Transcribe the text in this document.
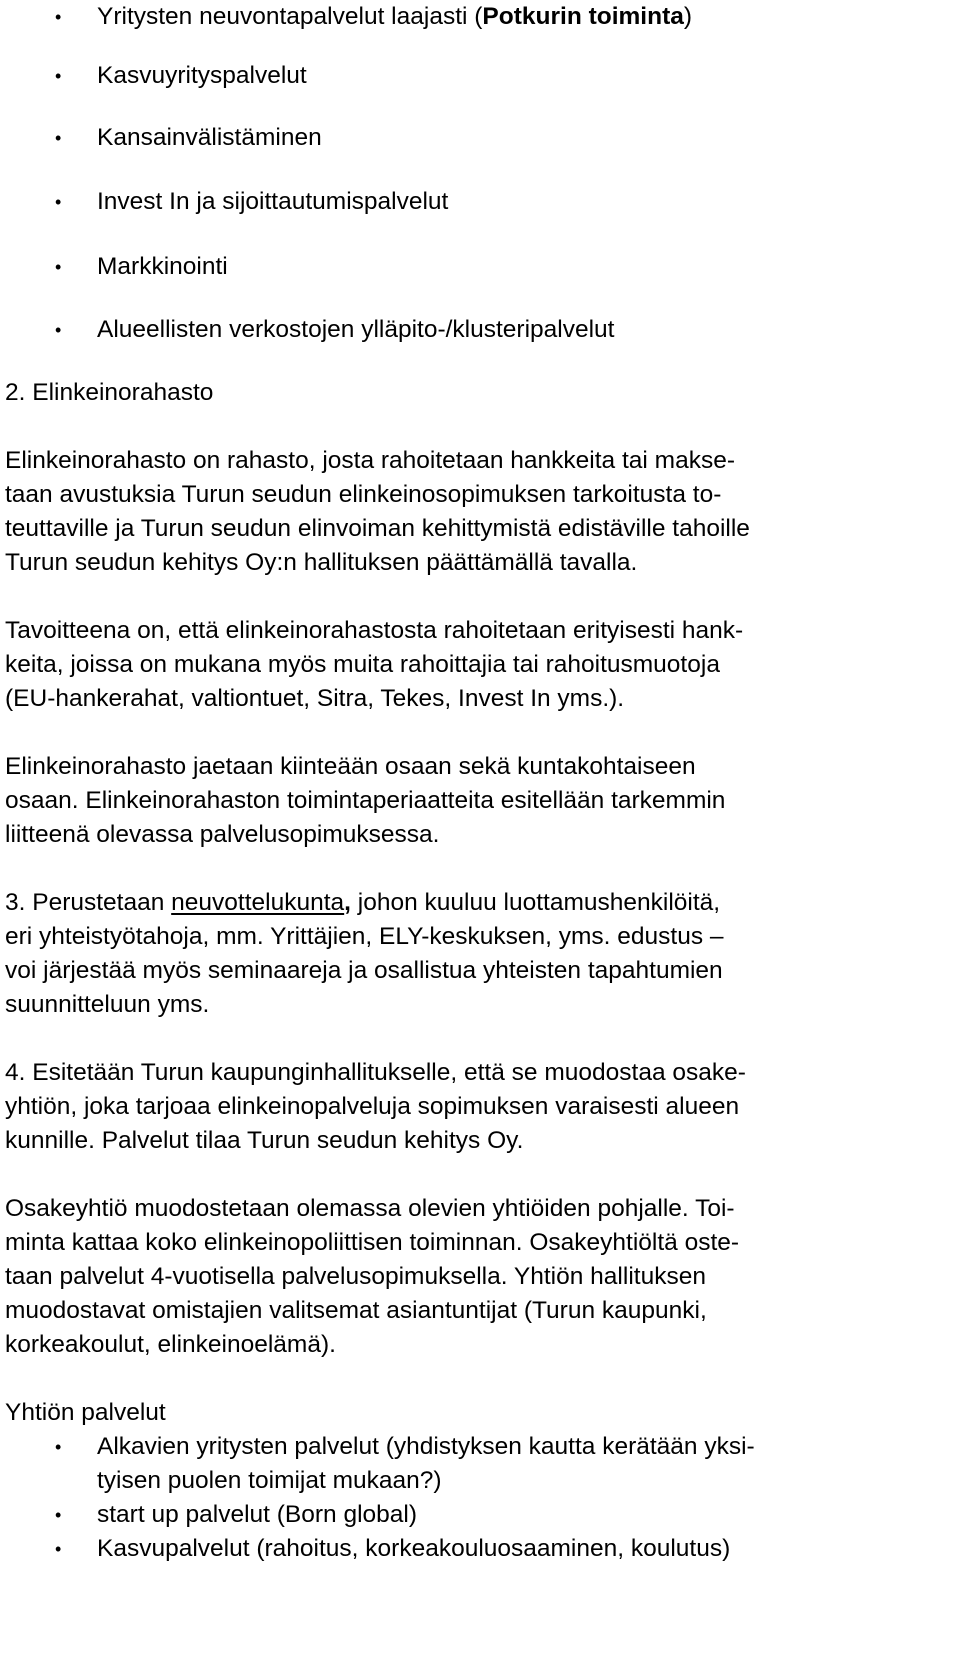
•	Yritysten neuvontapalvelut laajasti (Potkurin toiminta)
•	Kasvuyrityspalvelut
•	Kansainvälistäminen
•	Invest In ja sijoittautumispalvelut
•	Markkinointi
•	Alueellisten verkostojen ylläpito-/klusteripalvelut
2. Elinkeinorahasto
Elinkeinorahasto on rahasto, josta rahoitetaan hankkeita tai makse-
taan avustuksia Turun seudun elinkeinosopimuksen tarkoitusta to-
teuttaville ja Turun seudun elinvoiman kehittymistä edistäville tahoille
Turun seudun kehitys Oy:n hallituksen päättämällä tavalla.
Tavoitteena on, että elinkeinorahastosta rahoitetaan erityisesti hank-
keita, joissa on mukana myös muita rahoittajia tai rahoitusmuotoja
(EU-hankerahat, valtiontuet, Sitra, Tekes, Invest In yms.).
Elinkeinorahasto jaetaan kiinteään osaan sekä kuntakohtaiseen
osaan. Elinkeinorahaston toimintaperiaatteita esitellään tarkemmin
liitteenä olevassa palvelusopimuksessa.
3. Perustetaan neuvottelukunta, johon kuuluu luottamushenkilöitä,
eri yhteistyötahoja, mm. Yrittäjien, ELY-keskuksen, yms. edustus –
voi järjestää myös seminaareja ja osallistua yhteisten tapahtumien
suunnitteluun yms.
4. Esitetään Turun kaupunginhallitukselle, että se muodostaa osake-
yhtiön, joka tarjoaa elinkeinopalveluja sopimuksen varaisesti alueen
kunnille. Palvelut tilaa Turun seudun kehitys Oy.
Osakeyhtiö muodostetaan olemassa olevien yhtiöiden pohjalle. Toi-
minta kattaa koko elinkeinopoliittisen toiminnan. Osakeyhtiöltä oste-
taan palvelut 4-vuotisella palvelusopimuksella. Yhtiön hallituksen
muodostavat omistajien valitsemat asiantuntijat (Turun kaupunki,
korkeakoulut, elinkeinoelämä).
Yhtiön palvelut
•	Alkavien yritysten palvelut (yhdistyksen kautta kerätään yksi-
tyisen puolen toimijat mukaan?)
•	start up palvelut (Born global)
•	Kasvupalvelut (rahoitus, korkeakouluosaaminen, koulutus)
